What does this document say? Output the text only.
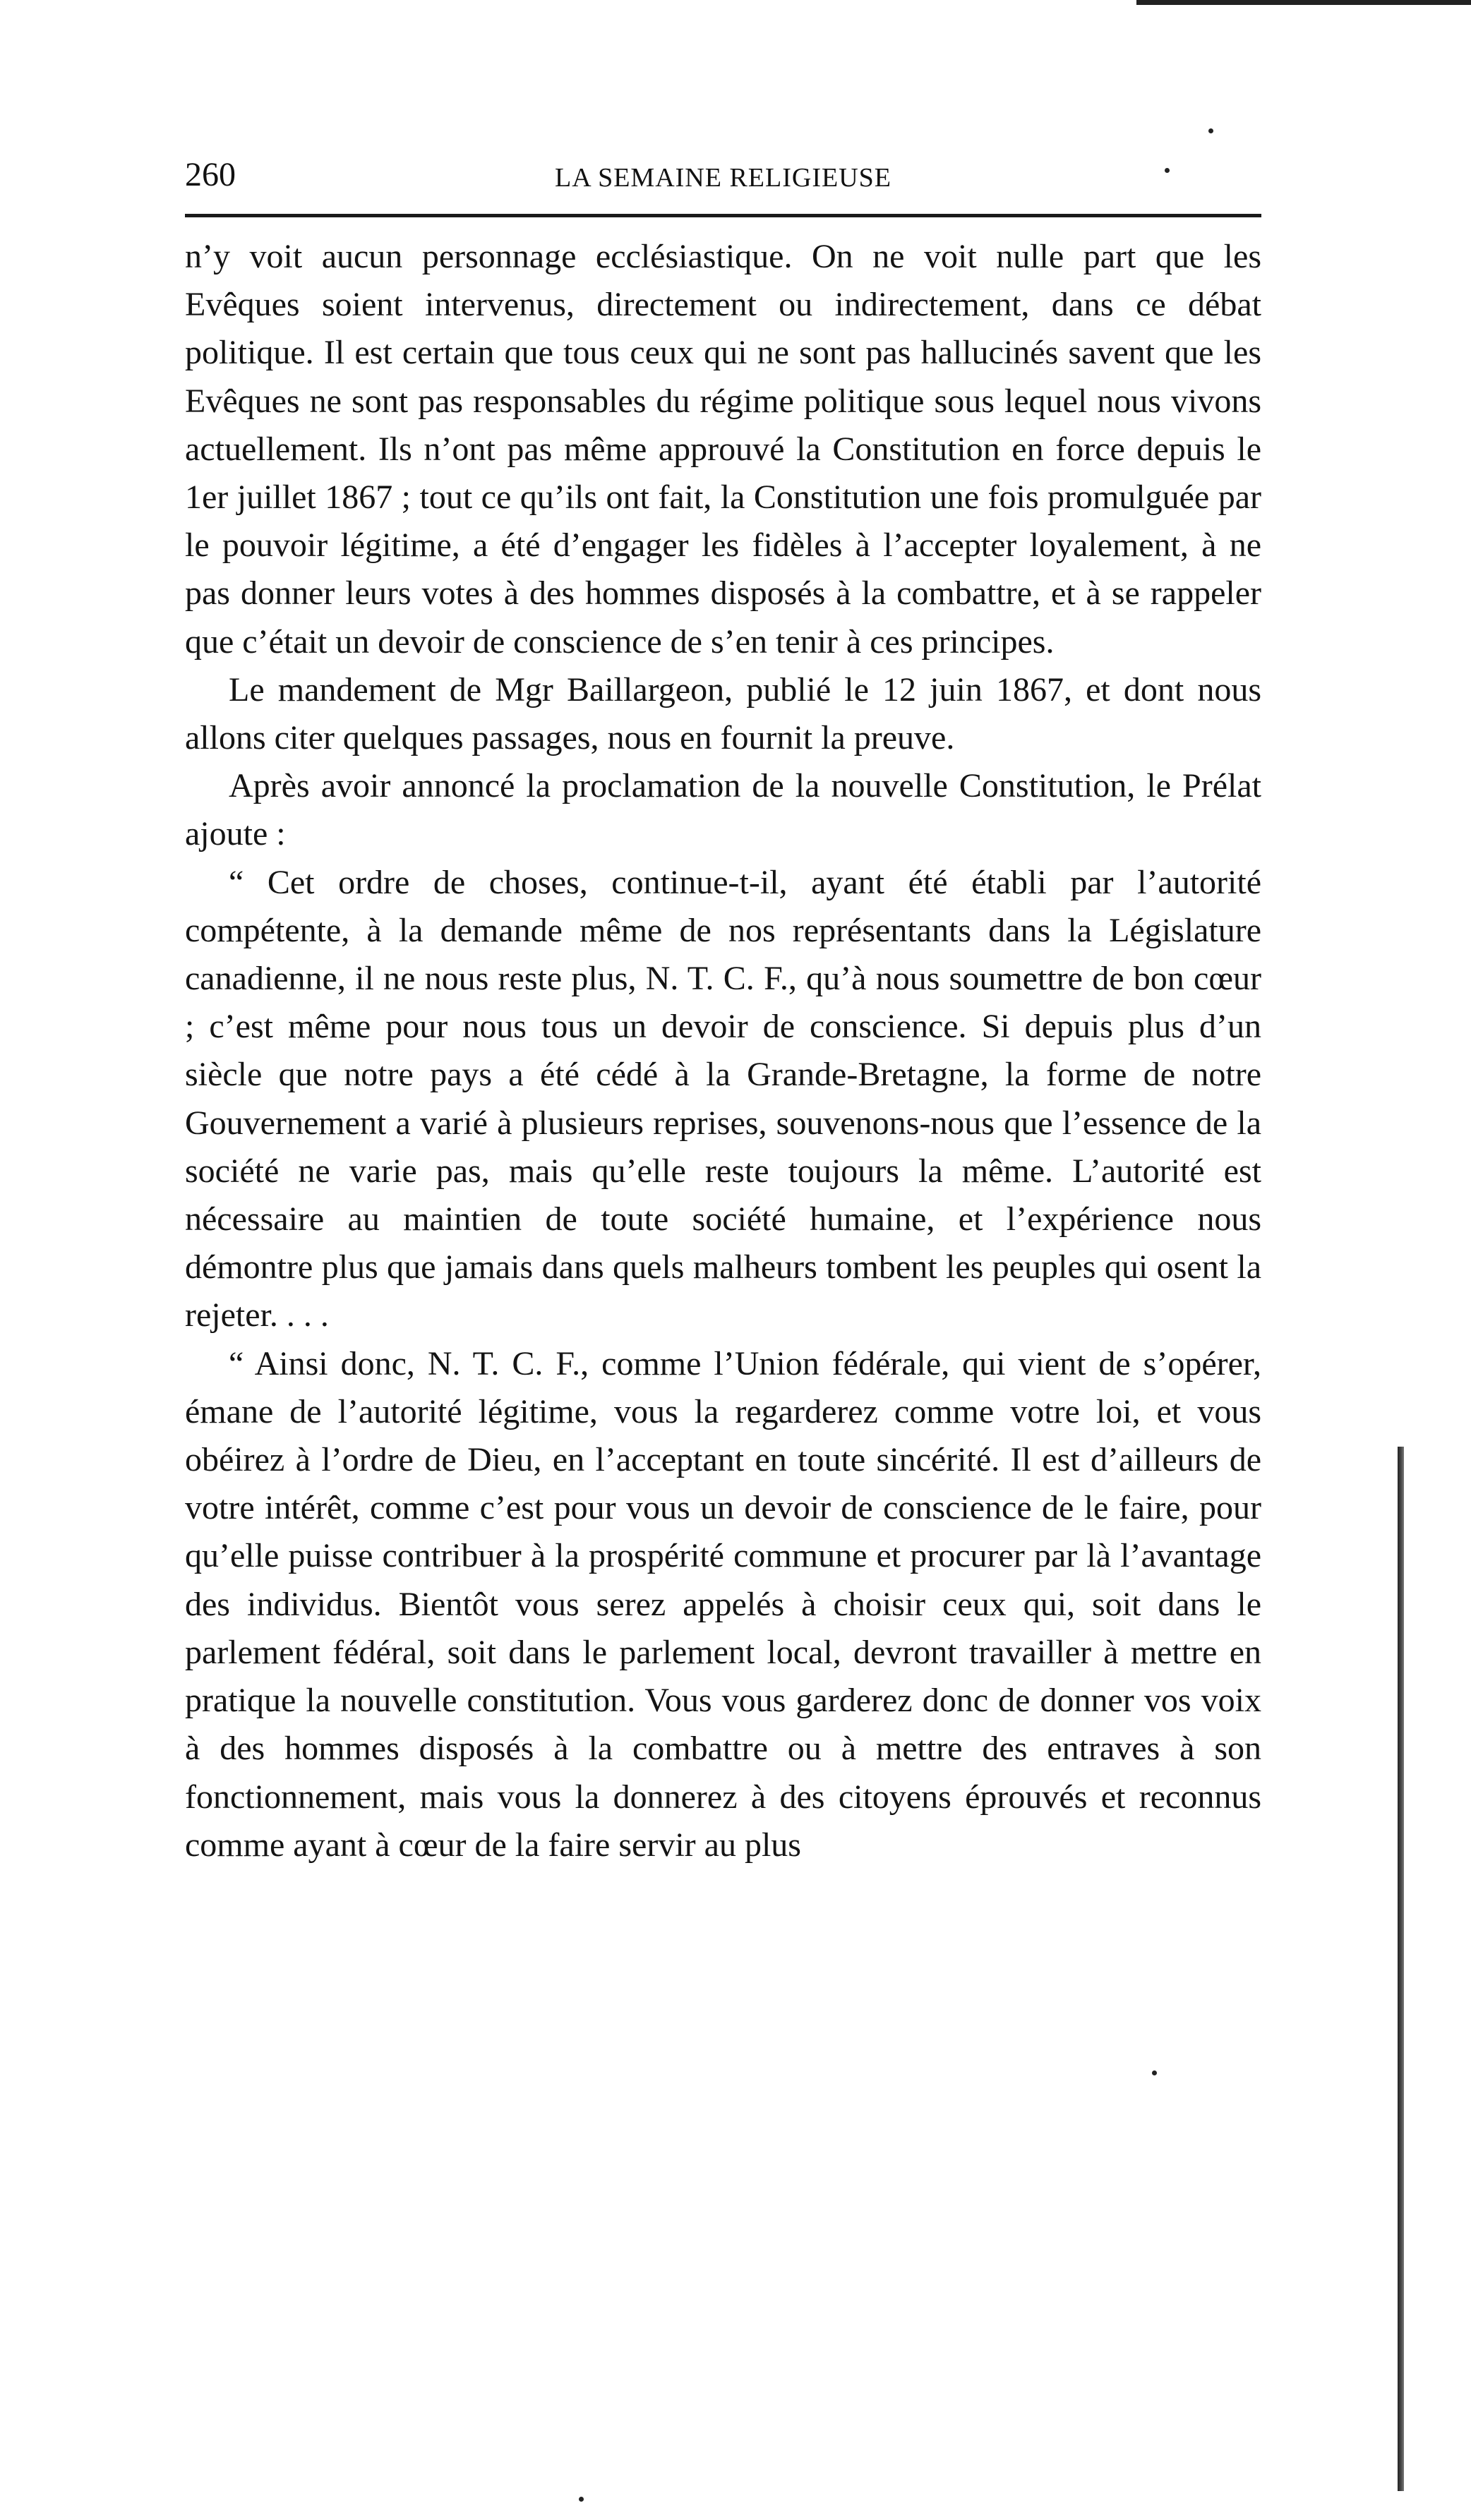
260	LA SEMAINE RELIGIEUSE

n’y voit aucun personnage ecclésiastique. On ne voit nulle part que les Evêques soient intervenus, directement ou indirectement, dans ce débat politique. Il est certain que tous ceux qui ne sont pas hallucinés savent que les Evêques ne sont pas responsables du régime politique sous lequel nous vivons actuellement. Ils n’ont pas même approuvé la Constitution en force depuis le 1er juillet 1867 ; tout ce qu’ils ont fait, la Constitution une fois promulguée par le pouvoir légitime, a été d’engager les fidèles à l’accepter loyalement, à ne pas donner leurs votes à des hommes disposés à la combattre, et à se rappeler que c’était un devoir de conscience de s’en tenir à ces principes.

Le mandement de Mgr Baillargeon, publié le 12 juin 1867, et dont nous allons citer quelques passages, nous en fournit la preuve.

Après avoir annoncé la proclamation de la nouvelle Constitution, le Prélat ajoute :

“ Cet ordre de choses, continue-t-il, ayant été établi par l’autorité compétente, à la demande même de nos représentants dans la Législature canadienne, il ne nous reste plus, N. T. C. F., qu’à nous soumettre de bon cœur ; c’est même pour nous tous un devoir de conscience. Si depuis plus d’un siècle que notre pays a été cédé à la Grande-Bretagne, la forme de notre Gouvernement a varié à plusieurs reprises, souvenons-nous que l’essence de la société ne varie pas, mais qu’elle reste toujours la même. L’autorité est nécessaire au maintien de toute société humaine, et l’expérience nous démontre plus que jamais dans quels malheurs tombent les peuples qui osent la rejeter. . . .

“ Ainsi donc, N. T. C. F., comme l’Union fédérale, qui vient de s’opérer, émane de l’autorité légitime, vous la regarderez comme votre loi, et vous obéirez à l’ordre de Dieu, en l’acceptant en toute sincérité. Il est d’ailleurs de votre intérêt, comme c’est pour vous un devoir de conscience de le faire, pour qu’elle puisse contribuer à la prospérité commune et procurer par là l’avantage des individus. Bientôt vous serez appelés à choisir ceux qui, soit dans le parlement fédéral, soit dans le parlement local, devront travailler à mettre en pratique la nouvelle constitution. Vous vous garderez donc de donner vos voix à des hommes disposés à la combattre ou à mettre des entraves à son fonctionnement, mais vous la donnerez à des citoyens éprouvés et reconnus comme ayant à cœur de la faire servir au plus
